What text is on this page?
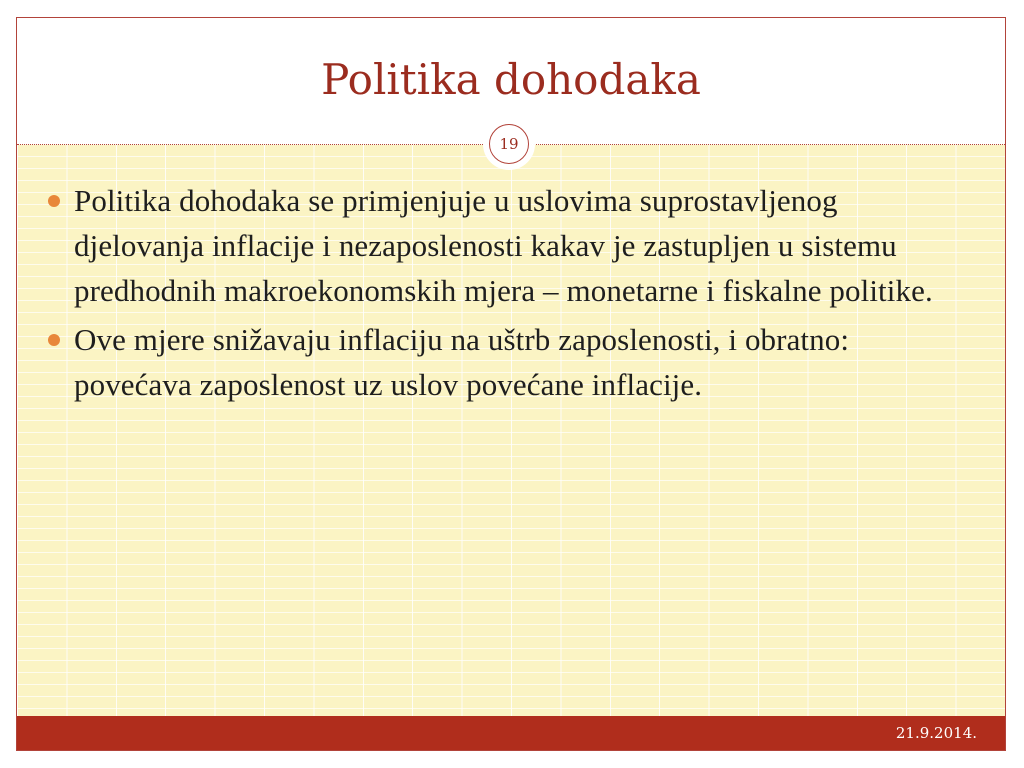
Politika dohodaka
19
21.9.2014.
Politika dohodaka se primjenjuje u uslovima suprostavljenog djelovanja inflacije i nezaposlenosti kakav je zastupljen u sistemu predhodnih makroekonomskih mjera – monetarne i fiskalne politike.
Ove mjere snižavaju inflaciju na uštrb zaposlenosti, i obratno: povećava zaposlenost uz uslov povećane inflacije.
